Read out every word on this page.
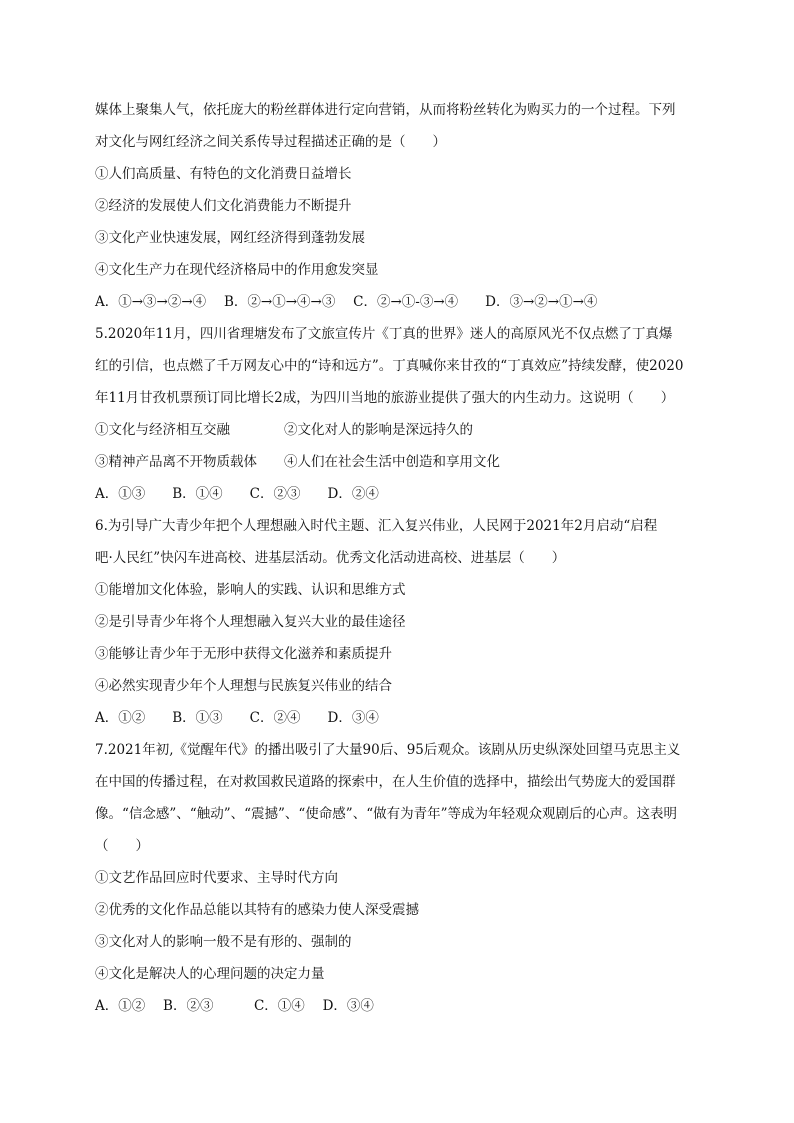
媒体上聚集人气，依托庞大的粉丝群体进行定向营销，从而将粉丝转化为购买力的一个过程。下列
对文化与网红经济之间关系传导过程描述正确的是（　　）
①人们高质量、有特色的文化消费日益增长
②经济的发展使人们文化消费能力不断提升
③文化产业快速发展，网红经济得到蓬勃发展
④文化生产力在现代经济格局中的作用愈发突显
A．①→③→②→④　 B．②→①→④→③　 C．②→①-③→④　　D．③→②→①→④
5.2020年11月，四川省理塘发布了文旅宣传片《丁真的世界》迷人的高原风光不仅点燃了丁真爆
红的引信，也点燃了千万网友心中的“诗和远方”。丁真喊你来甘孜的“丁真效应”持续发酵，使2020
年11月甘孜机票预订同比增长2成，为四川当地的旅游业提供了强大的内生动力。这说明（　　）
①文化与经济相互交融　　　　②文化对人的影响是深远持久的
③精神产品离不开物质载体　　④人们在社会生活中创造和享用文化
A．①③　　B．①④　　C．②③　　D．②④
6.为引导广大青少年把个人理想融入时代主题、汇入复兴伟业，人民网于2021年2月启动“启程
吧·人民红”快闪车进高校、进基层活动。优秀文化活动进高校、进基层（　　）
①能增加文化体验，影响人的实践、认识和思维方式
②是引导青少年将个人理想融入复兴大业的最佳途径
③能够让青少年于无形中获得文化滋养和素质提升
④必然实现青少年个人理想与民族复兴伟业的结合
A．①②　　B．①③　　C．②④　　D．③④
7.2021年初,《觉醒年代》的播出吸引了大量90后、95后观众。该剧从历史纵深处回望马克思主义
在中国的传播过程，在对救国救民道路的探索中，在人生价值的选择中，描绘出气势庞大的爱国群
像。“信念感”、“触动”、“震撼”、“使命感”、“做有为青年”等成为年轻观众观剧后的心声。这表明
（　　）
①文艺作品回应时代要求、主导时代方向
②优秀的文化作品总能以其特有的感染力使人深受震撼
③文化对人的影响一般不是有形的、强制的
④文化是解决人的心理问题的决定力量
A．①②　 B．②③　　　C．①④　 D．③④
